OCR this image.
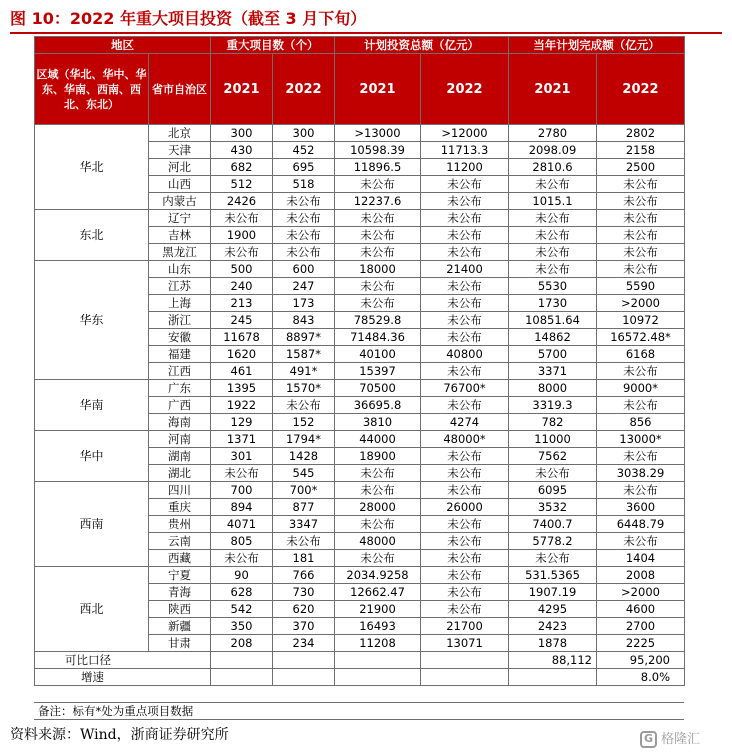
图 10：2022 年重大项目投资（截至 3 月下旬）
地区		重大项目数（个）		计划投资总额（亿元）		当年计划完成额（亿元）	
区域（华北、华中、华东、华南、西南、西北、东北）	省市自治区	2021	2022	2021	2022	2021	2022
华北	北京	300	300	>13000	>12000	2780	2802
	天津	430	452	10598.39	11713.3	2098.09	2158
	河北	682	695	11896.5	11200	2810.6	2500
	山西	512	518	未公布	未公布	未公布	未公布
	内蒙古	2426	未公布	12237.6	未公布	1015.1	未公布
东北	辽宁	未公布	未公布	未公布	未公布	未公布	未公布
	吉林	1900	未公布	未公布	未公布	未公布	未公布
	黑龙江	未公布	未公布	未公布	未公布	未公布	未公布
华东	山东	500	600	18000	21400	未公布	未公布
	江苏	240	247	未公布	未公布	5530	5590
	上海	213	173	未公布	未公布	1730	>2000
	浙江	245	843	78529.8	未公布	10851.64	10972
	安徽	11678	8897*	71484.36	未公布	14862	16572.48*
	福建	1620	1587*	40100	40800	5700	6168
	江西	461	491*	15397	未公布	3371	未公布
华南	广东	1395	1570*	70500	76700*	8000	9000*
	广西	1922	未公布	36695.8	未公布	3319.3	未公布
	海南	129	152	3810	4274	782	856
华中	河南	1371	1794*	44000	48000*	11000	13000*
	湖南	301	1428	18900	未公布	7562	未公布
	湖北	未公布	545	未公布	未公布	未公布	3038.29
西南	四川	700	700*	未公布	未公布	6095	未公布
	重庆	894	877	28000	26000	3532	3600
	贵州	4071	3347	未公布	未公布	7400.7	6448.79
	云南	805	未公布	48000	未公布	5778.2	未公布
	西藏	未公布	181	未公布	未公布	未公布	1404
西北	宁夏	90	766	2034.9258	未公布	531.5365	2008
	青海	628	730	12662.47	未公布	1907.19	>2000
	陕西	542	620	21900	未公布	4295	4600
	新疆	350	370	16493	21700	2423	2700
	甘肃	208	234	11208	13071	1878	2225
可比口径						88,112	95,200
增速							8.0%
备注：标有*处为重点项目数据
资料来源：Wind，浙商证券研究所	G 格隆汇
